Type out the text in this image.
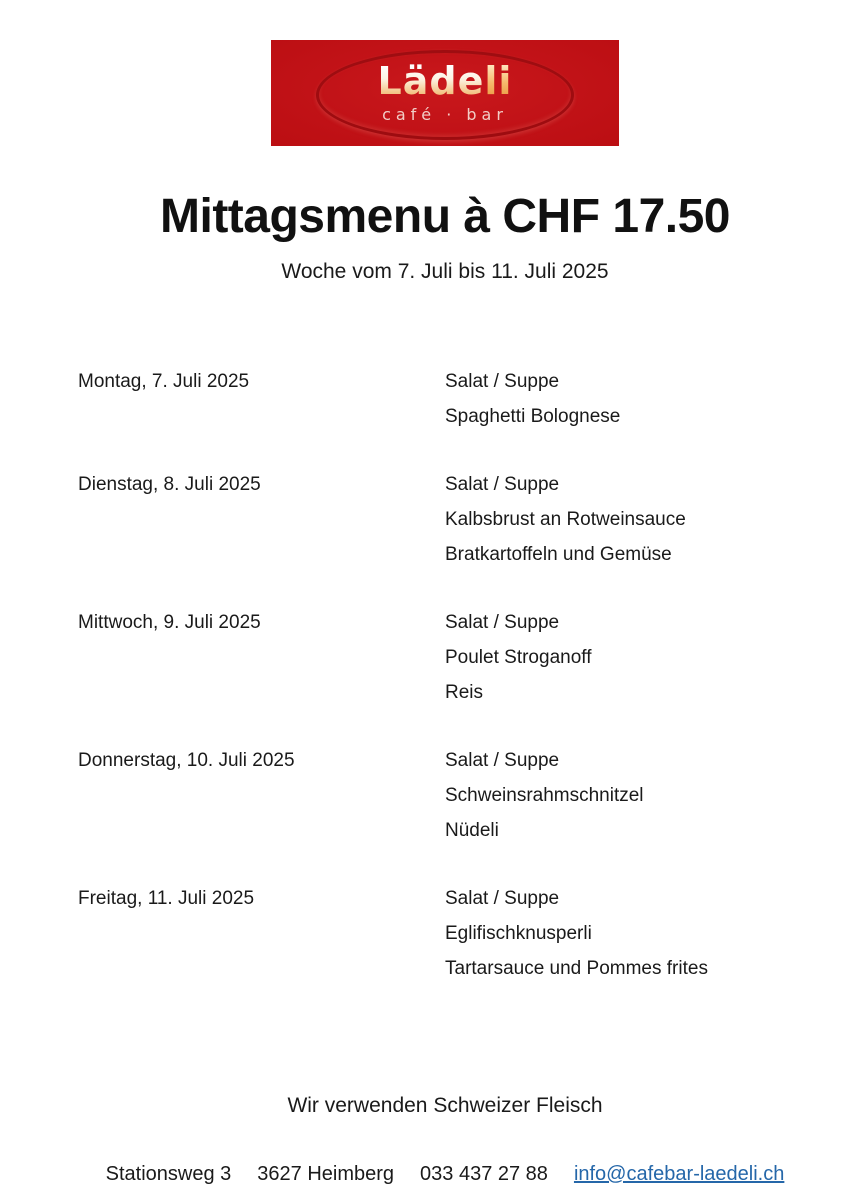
Lädeli
café · bar
Mittagsmenu à CHF 17.50
Woche vom 7. Juli bis 11. Juli 2025
Montag, 7. Juli 2025	Salat / Suppe
Spaghetti Bolognese
Dienstag, 8. Juli 2025	Salat / Suppe
Kalbsbrust an Rotweinsauce
Bratkartoffeln und Gemüse
Mittwoch, 9. Juli 2025	Salat / Suppe
Poulet Stroganoff
Reis
Donnerstag, 10. Juli 2025	Salat / Suppe
Schweinsrahmschnitzel
Nüdeli
Freitag, 11. Juli 2025	Salat / Suppe
Eglifischknusperli
Tartarsauce und Pommes frites
Wir verwenden Schweizer Fleisch
Stationsweg 3 3627 Heimberg 033 437 27 88 info@cafebar-laedeli.ch
